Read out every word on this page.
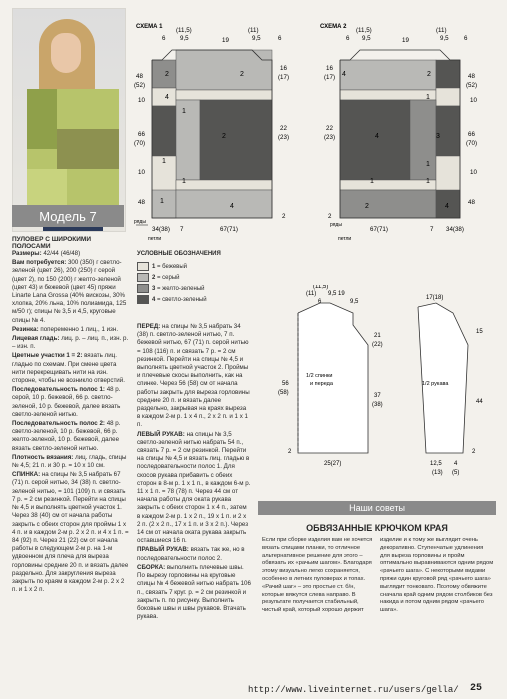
Модель 7
ПУЛОВЕР С ШИРОКИМИ ПОЛОСАМИ

Размеры: 42/44 (46/48)

Вам потребуется: 300 (350) г светло-зеленой (цвет 26), 200 (250) г серой (цвет 2), по 150 (200) г желто-зеленой (цвет 43) и бежевой (цвет 45) пряжи Linarte Lana Grossa (40% вискозы, 30% хлопка, 20% льна, 10% полиамида, 125 м/50 г); спицы № 3,5 и 4,5, круговые спицы № 4.

Резинка: попеременно 1 лиц., 1 изн.

Лицевая гладь: лиц. р. – лиц. п., изн. р. – изн. п.

Цветные участки 1 = 2: вязать лиц. гладью по схемам. При смене цвета нити перекрещивать нити на изн. стороне, чтобы не возникло отверстий.

Последовательность полос 1: 48 р. серой, 10 р. бежевой, 66 р. светло-зеленой, 10 р. бежевой, далее вязать светло-зеленой нитью.

Последовательность полос 2: 48 р. светло-зеленой, 10 р. бежевой, 66 р. желто-зеленой, 10 р. бежевой, далее вязать светло-зеленой нитью.

Плотность вязания: лиц. гладь, спицы № 4,5; 21 п. и 30 р. = 10 х 10 см.

СПИНКА: на спицы № 3,5 набрать 67 (71) п. серой нитью, 34 (38) п. светло-зеленой нитью, = 101 (109) п. и связать 7 р. = 2 см резинкой. Перейти на спицы № 4,5 и выполнять цветной участок 1. Через 38 (40) см от начала работы закрыть с обеих сторон для проймы 1 х 4 п. и в каждом 2-м р. 2 х 2 п. и 4 х 1 п. = 84 (92) п. Через 21 (22) см от начала работы в следующем 2-м р. на 1-м удвоенном для плеча для выреза горловины средние 20 п. и вязать далее раздельно. Для закругления выреза закрыть по краям в каждом 2-м р. 2 х 2 п. и 1 х 2 п.

СХЕМА 1	СХЕМА 2
2
4
2
1
1
1
1
4
2	4	2
4
1
1
3
1
1
2	4
6
(11,5)
9,5	19
(11)
9,5	6
48
(52)
10
66
(70)
10
48
16
(17)
22
(23)
2
34(38) 7	67(71)
ряды
петли
6
(11,5)
9,5	19
(11)
9,5 6
16
(17)
22
(23)
2
48
(52)
10
66
(70)
10
48
67(71)	7 34(38)
ряды
петли
УСЛОВНЫЕ ОБОЗНАЧЕНИЯ
1 = бежевый
2 = серый
3 = желто-зеленый
4 = светло-зеленый

ПЕРЕД: на спицы № 3,5 набрать 34 (38) п. светло-зеленой нитью, 7 п. бежевой нитью, 67 (71) п. серой нитью = 108 (116) п. и связать 7 р. = 2 см резинкой. Перейти на спицы № 4,5 и выполнять цветной участок 2. Проймы и плечевые скосы выполнить, как на спинке. Через 56 (58) см от начала работы закрыть для выреза горловины средние 20 п. и вязать далее раздельно, закрывая на краях выреза в каждом 2-м р. 1 х 4 п., 2 х 2 п. и 1 х 1 п.

ЛЕВЫЙ РУКАВ: на спицы № 3,5 светло-зеленой нитью набрать 54 п., связать 7 р. = 2 см резинкой. Перейти на спицы № 4,5 и вязать лиц. гладью в последовательности полос 1. Для скосов рукава прибавить с обеих сторон в 8-м р. 1 х 1 п., в каждом 6-м р. 11 х 1 п. = 78 (78) п. Через 44 см от начала работы для оката рукава закрыть с обеих сторон 1 х 4 п., затем в каждом 2-м р. 1 х 2 п., 19 х 1 п. и 2 х 2 п. (2 х 2 п., 17 х 1 п. и 3 х 2 п.). Через 14 см от начала оката рукава закрыть оставшиеся 16 п.

ПРАВЫЙ РУКАВ: вязать так же, но в последовательности полос 2.

СБОРКА: выполнить плечевые швы. По вырезу горловины на круговые спицы № 4 бежевой нитью набрать 106 п., связать 7 круг. р. = 2 см резинкой и закрыть п. по рисунку. Выполнить боковые швы и швы рукавов. Втачать рукава.

(11)
6
9,5
(11,5)
19
9,5
56
(58)
21
(22)
37
(38)
1/2 спинки
и переда
25(27)
2
1/2 рукава
17(18)
15
44
2
12,5
(13)
4
(5)
Наши советы
ОБВЯЗАННЫЕ КРЮЧКОМ КРАЯ
Если при сборке изделия вам не хочется вязать спицами планки, то отличное альтернативное решение для этого – обвязать их «рачьим шагом». Благодаря этому визуально легко сохраняется, особенно в летних пуловерах и топах. «Рачий шаг» – это простые ст. б/н, которые вяжутся слева направо. В результате получается стабильный, чистый край, который хорошо держит
изделие и к тому же выглядит очень декоративно. Ступенчатые удлинения для выреза горловины и пройм оптимально выравниваются одним рядом «рачьего шага». С некоторыми видами пряжи один круговой ряд «рачьего шага» выглядит тонковато. Поэтому обвяжите сначала край одним рядом столбиков без накида и потом одним рядом «рачьего шага».
http://www.liveinternet.ru/users/gella/ 25
